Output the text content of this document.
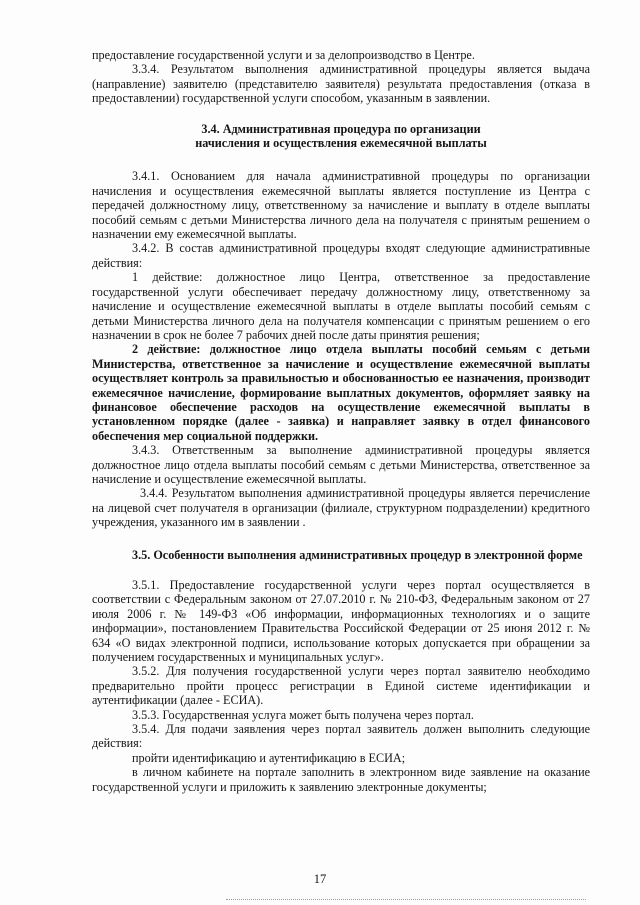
предоставление государственной услуги и за делопроизводство в Центре.

3.3.4. Результатом выполнения административной процедуры является выдача (направление) заявителю (представителю заявителя) результата предоставления (отказа в предоставлении) государственной услуги способом, указанным в заявлении.

3.4. Административная процедура по организации

начисления и осуществления ежемесячной выплаты

3.4.1. Основанием для начала административной процедуры по организации начисления и осуществления ежемесячной выплаты является поступление из Центра с передачей должностному лицу, ответственному за начисление и выплату в отделе выплаты пособий семьям с детьми Министерства личного дела на получателя с принятым решением о назначении ему ежемесячной выплаты.

3.4.2. В состав административной процедуры входят следующие административные действия:

1 действие: должностное лицо Центра, ответственное за предоставление государственной услуги обеспечивает передачу должностному лицу, ответственному за начисление и осуществление ежемесячной выплаты в отделе выплаты пособий семьям с детьми Министерства личного дела на получателя компенсации с принятым решением о его назначении в срок не более 7 рабочих дней после даты принятия решения;

2 действие: должностное лицо отдела выплаты пособий семьям с детьми Министерства, ответственное за начисление и осуществление ежемесячной выплаты осуществляет контроль за правильностью и обоснованностью ее назначения, производит ежемесячное начисление, формирование выплатных документов, оформляет заявку на финансовое обеспечение расходов на осуществление ежемесячной выплаты в установленном порядке (далее - заявка) и направляет заявку в отдел финансового обеспечения мер социальной поддержки.

3.4.3. Ответственным за выполнение административной процедуры является должностное лицо отдела выплаты пособий семьям с детьми Министерства, ответственное за начисление и осуществление ежемесячной выплаты.

3.4.4. Результатом выполнения административной процедуры является перечисление на лицевой счет получателя в организации (филиале, структурном подразделении) кредитного учреждения, указанного им в заявлении .

3.5. Особенности выполнения административных процедур в электронной форме

3.5.1. Предоставление государственной услуги через портал осуществляется в соответствии с Федеральным законом от 27.07.2010 г. № 210-ФЗ, Федеральным законом от 27 июля 2006 г. № 149-ФЗ «Об информации, информационных технологиях и о защите информации», постановлением Правительства Российской Федерации от 25 июня 2012 г. № 634 «О видах электронной подписи, использование которых допускается при обращении за получением государственных и муниципальных услуг».

3.5.2. Для получения государственной услуги через портал заявителю необходимо предварительно пройти процесс регистрации в Единой системе идентификации и аутентификации (далее - ЕСИА).

3.5.3. Государственная услуга может быть получена через портал.

3.5.4. Для подачи заявления через портал заявитель должен выполнить следующие действия:

пройти идентификацию и аутентификацию в ЕСИА;

в личном кабинете на портале заполнить в электронном виде заявление на оказание государственной услуги и приложить к заявлению электронные документы;

17
